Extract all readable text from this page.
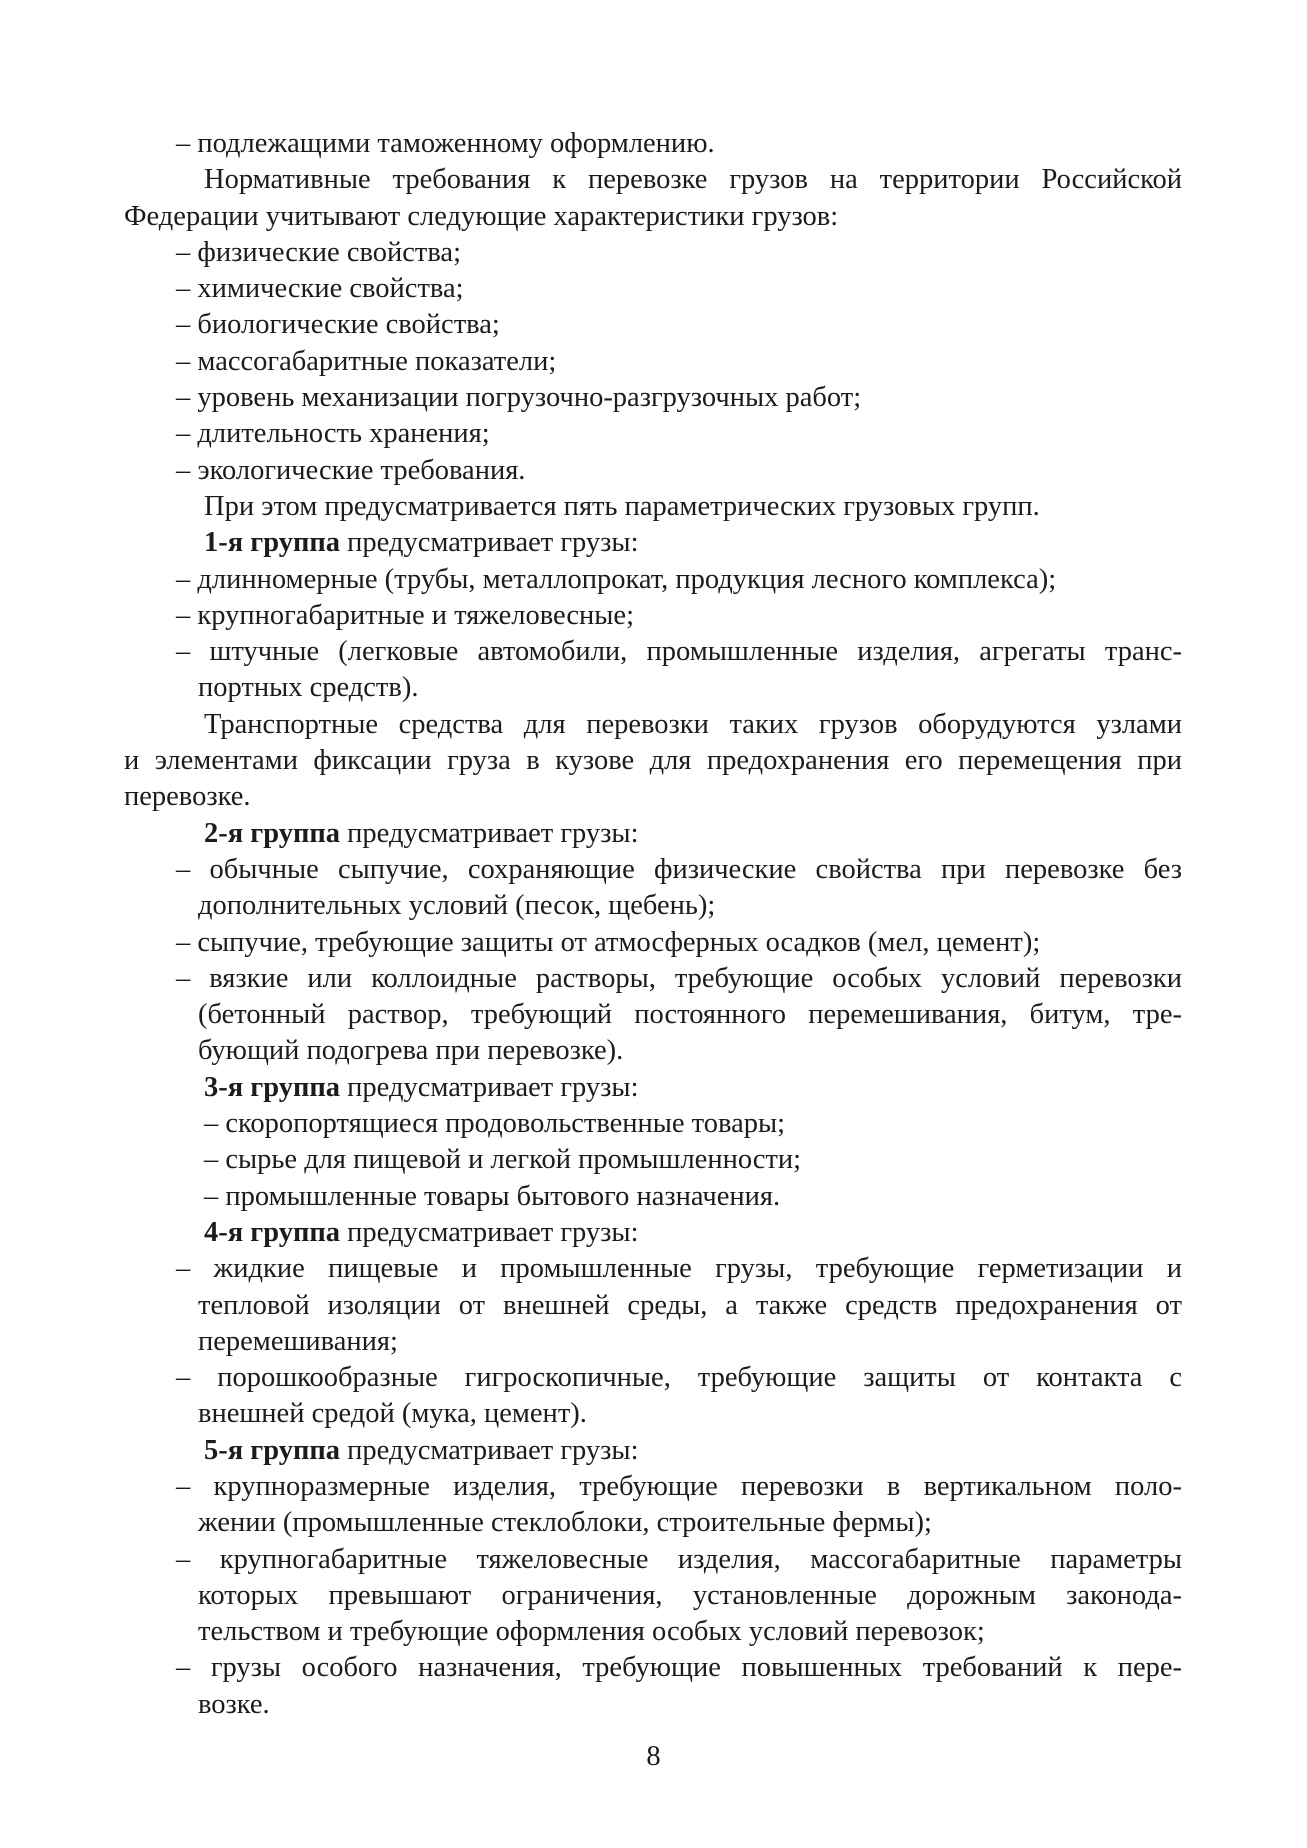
– подлежащими таможенному оформлению.
Нормативные требования к перевозке грузов на территории Российской
Федерации учитывают следующие характеристики грузов:
– физические свойства;
– химические свойства;
– биологические свойства;
– массогабаритные показатели;
– уровень механизации погрузочно-разгрузочных работ;
– длительность хранения;
– экологические требования.
При этом предусматривается пять параметрических грузовых групп.
1-я группа предусматривает грузы:
– длинномерные (трубы, металлопрокат, продукция лесного комплекса);
– крупногабаритные и тяжеловесные;
– штучные (легковые автомобили, промышленные изделия, агрегаты транс-
портных средств).
Транспортные средства для перевозки таких грузов оборудуются узлами
и элементами фиксации груза в кузове для предохранения его перемещения при
перевозке.
2-я группа предусматривает грузы:
– обычные сыпучие, сохраняющие физические свойства при перевозке без
дополнительных условий (песок, щебень);
– сыпучие, требующие защиты от атмосферных осадков (мел, цемент);
– вязкие или коллоидные растворы, требующие особых условий перевозки
(бетонный раствор, требующий постоянного перемешивания, битум, тре-
бующий подогрева при перевозке).
3-я группа предусматривает грузы:
– скоропортящиеся продовольственные товары;
– сырье для пищевой и легкой промышленности;
– промышленные товары бытового назначения.
4-я группа предусматривает грузы:
– жидкие пищевые и промышленные грузы, требующие герметизации и
тепловой изоляции от внешней среды, а также средств предохранения от
перемешивания;
– порошкообразные гигроскопичные, требующие защиты от контакта с
внешней средой (мука, цемент).
5-я группа предусматривает грузы:
– крупноразмерные изделия, требующие перевозки в вертикальном поло-
жении (промышленные стеклоблоки, строительные фермы);
– крупногабаритные тяжеловесные изделия, массогабаритные параметры
которых превышают ограничения, установленные дорожным законода-
тельством и требующие оформления особых условий перевозок;
– грузы особого назначения, требующие повышенных требований к пере-
возке.
8
